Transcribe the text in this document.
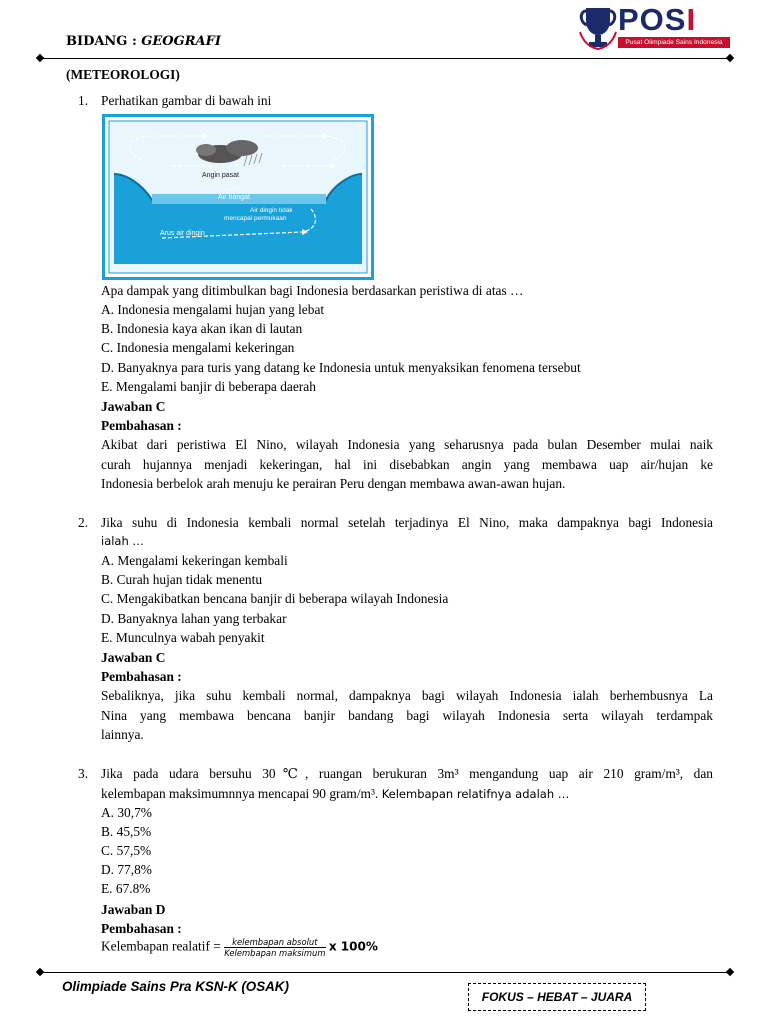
BIDANG : GEOGRAFI
POSI
Pusat Olimpiade Sains Indonesia
(METEOROLOGI)
1. Perhatikan gambar di bawah ini
Angin pasat
Air hangat
Air dingin tidak
mencapai permukaan
Arus air dingin
Apa dampak yang ditimbulkan bagi Indonesia berdasarkan peristiwa di atas …
A. Indonesia mengalami hujan yang lebat
B. Indonesia kaya akan ikan di lautan
C. Indonesia mengalami kekeringan
D. Banyaknya para turis yang datang ke Indonesia untuk menyaksikan fenomena tersebut
E. Mengalami banjir di beberapa daerah
Jawaban C
Pembahasan :
Akibat dari peristiwa El Nino, wilayah Indonesia yang seharusnya pada bulan Desember mulai naik
curah hujannya menjadi kekeringan, hal ini disebabkan angin yang membawa uap air/hujan ke
Indonesia berbelok arah menuju ke perairan Peru dengan membawa awan-awan hujan.
2. Jika suhu di Indonesia kembali normal setelah terjadinya El Nino, maka dampaknya bagi Indonesia
ialah …
A. Mengalami kekeringan kembali
B. Curah hujan tidak menentu
C. Mengakibatkan bencana banjir di beberapa wilayah Indonesia
D. Banyaknya lahan yang terbakar
E. Munculnya wabah penyakit
Jawaban C
Pembahasan :
Sebaliknya, jika suhu kembali normal, dampaknya bagi wilayah Indonesia ialah berhembusnya La
Nina yang membawa bencana banjir bandang bagi wilayah Indonesia serta wilayah terdampak
lainnya.
3. Jika pada udara bersuhu 30℃, ruangan berukuran 3m³ mengandung uap air 210 gram/m³, dan
kelembapan maksimumnnya mencapai 90 gram/m³. Kelembapan relatifnya adalah …
A. 30,7%
B. 45,5%
C. 57,5%
D. 77,8%
E. 67.8%
Jawaban D
Pembahasan :
Kelembapan realatif = $\frac{\text{kelembapan absolut}}{\text{Kelembapan maksimum}}$ x 100%
Olimpiade Sains Pra KSN-K (OSAK)
FOKUS – HEBAT – JUARA
